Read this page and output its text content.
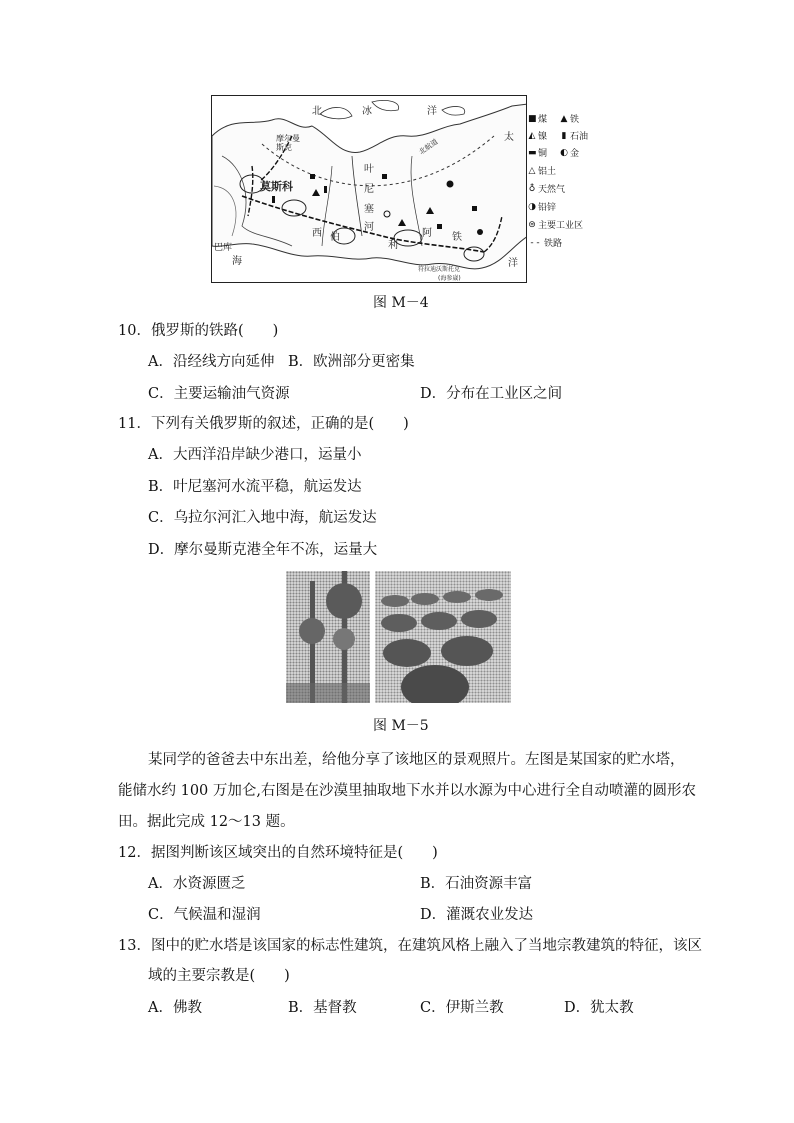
北	冰	洋
太
洋
摩尔曼斯克
莫斯科
北航道
叶
尼
塞
河
西 伯
利
阿 铁
巴库
海
符拉迪沃斯托克
(海参崴)
■ 煤 ▲ 铁
◭ 镍 ▮ 石油
▬ 铜 ◐ 金
△ 铝土
♁ 天然气
◑ 铅锌
⊜ 主要工业区
- - 铁路
图 M－4
10．俄罗斯的铁路(　　)
A．沿经线方向延伸 B．欧洲部分更密集
C．主要运输油气资源	D．分布在工业区之间
11．下列有关俄罗斯的叙述，正确的是(　　)
A．大西洋沿岸缺少港口，运量小
B．叶尼塞河水流平稳，航运发达
C．乌拉尔河汇入地中海，航运发达
D．摩尔曼斯克港全年不冻，运量大
图 M－5
某同学的爸爸去中东出差，给他分享了该地区的景观照片。左图是某国家的贮水塔，
能储水约 100 万加仑,右图是在沙漠里抽取地下水并以水源为中心进行全自动喷灌的圆形农
田。据此完成 12～13 题。
12．据图判断该区域突出的自然环境特征是(　　)
A．水资源匮乏	B．石油资源丰富
C．气候温和湿润	D．灌溉农业发达
13．图中的贮水塔是该国家的标志性建筑，在建筑风格上融入了当地宗教建筑的特征，该区
域的主要宗教是(　　)
A．佛教	B．基督教	C．伊斯兰教	D．犹太教
